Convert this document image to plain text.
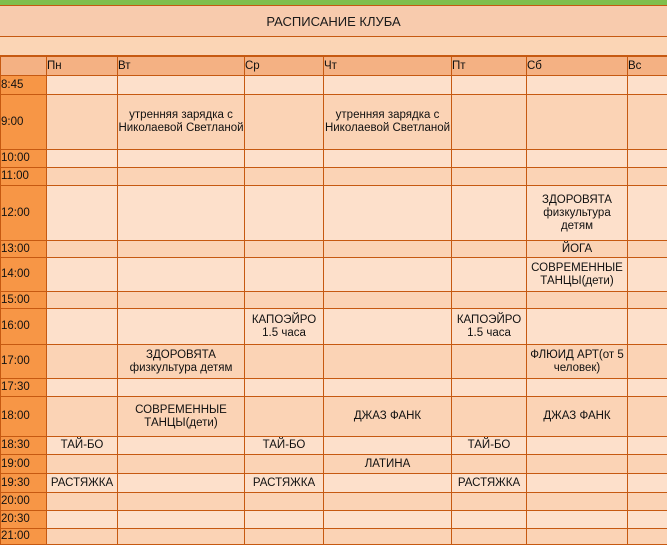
РАСПИСАНИЕ КЛУБА
	Пн	Вт	Ср	Чт	Пт	Сб	Вс
8:45							
9:00		утренняя зарядка с Николаевой Светланой		утренняя зарядка с Николаевой Светланой			
10:00							
11:00							
12:00						ЗДОРОВЯТА физкультура детям	
13:00						ЙОГА	
14:00						СОВРЕМЕННЫЕ ТАНЦЫ(дети)	
15:00							
16:00			КАПОЭЙРО 1.5 часа		КАПОЭЙРО 1.5 часа		
17:00		ЗДОРОВЯТА физкультура детям				ФЛЮИД АРТ(от 5 человек)	
17:30							
18:00		СОВРЕМЕННЫЕ ТАНЦЫ(дети)		ДЖАЗ ФАНК		ДЖАЗ ФАНК	
18:30	ТАЙ-БО		ТАЙ-БО		ТАЙ-БО		
19:00				ЛАТИНА			
19:30	РАСТЯЖКА		РАСТЯЖКА		РАСТЯЖКА		
20:00							
20:30							
21:00							
